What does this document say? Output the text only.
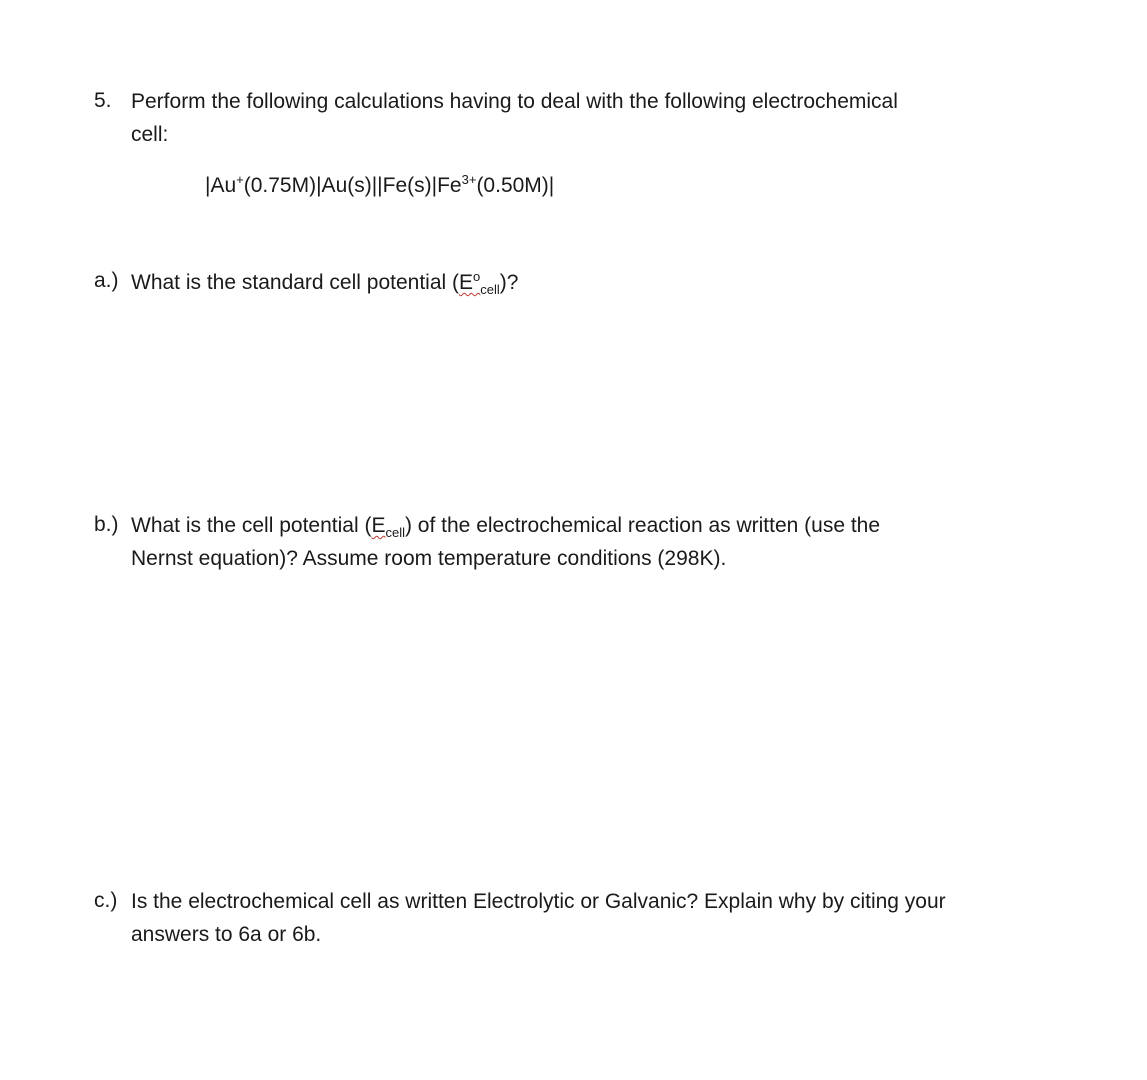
5. Perform the following calculations having to deal with the following electrochemical
cell:
$|Au^+(0.75M)|Au(s)||Fe(s)|Fe^{3+}(0.50M)|$
a.) What is the standard cell potential $(E^o_{cell})$?
b.) What is the cell potential $(E_{cell})$ of the electrochemical reaction as written (use the
Nernst equation)? Assume room temperature conditions (298K).
c.) Is the electrochemical cell as written Electrolytic or Galvanic? Explain why by citing your
answers to 6a or 6b.
